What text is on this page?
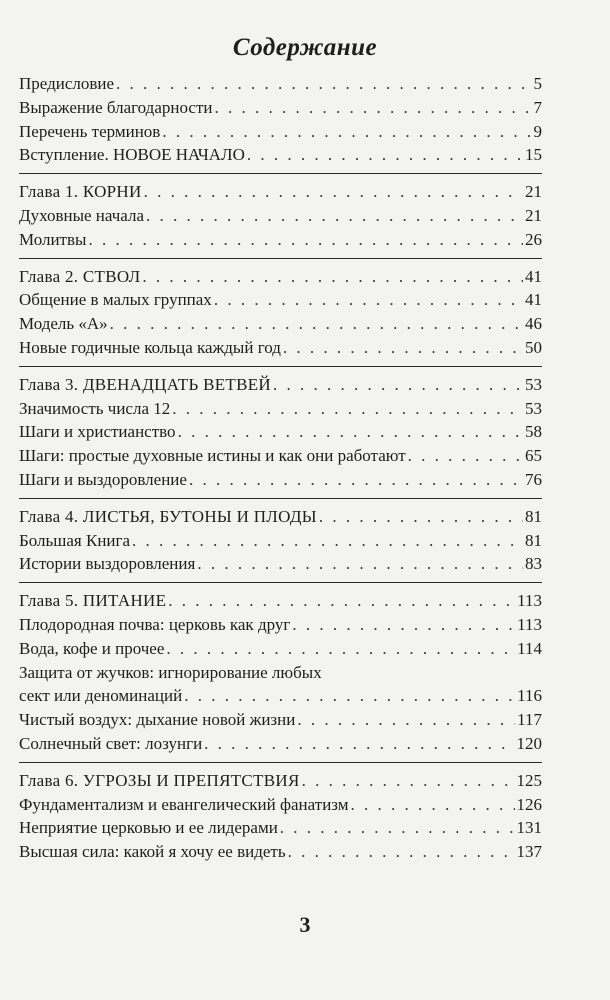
Содержание
Предисловие . . .	5
Выражение благодарности . . .	7
Перечень терминов . . .	9
Вступление. НОВОЕ НАЧАЛО . . .	15
Глава 1. КОРНИ . . .	21
Духовные начала . . .	21
Молитвы . . .	26
Глава 2. СТВОЛ . . .	41
Общение в малых группах . . .	41
Модель «А» . . .	46
Новые годичные кольца каждый год . . .	50
Глава 3. ДВЕНАДЦАТЬ ВЕТВЕЙ . . .	53
Значимость числа 12 . . .	53
Шаги и христианство . . .	58
Шаги: простые духовные истины и как они работают . . .	65
Шаги и выздоровление . . .	76
Глава 4. ЛИСТЬЯ, БУТОНЫ И ПЛОДЫ . . .	81
Большая Книга . . .	81
Истории выздоровления . . .	83
Глава 5. ПИТАНИЕ . . .	113
Плодородная почва: церковь как друг . . .	113
Вода, кофе и прочее . . .	114
Защита от жучков: игнорирование любых
сект или деноминаций . . .	116
Чистый воздух: дыхание новой жизни . . .	117
Солнечный свет: лозунги . . .	120
Глава 6. УГРОЗЫ И ПРЕПЯТСТВИЯ . . .	125
Фундаментализм и евангелический фанатизм . . .	126
Неприятие церковью и ее лидерами . . .	131
Высшая сила: какой я хочу ее видеть . . .	137
3
